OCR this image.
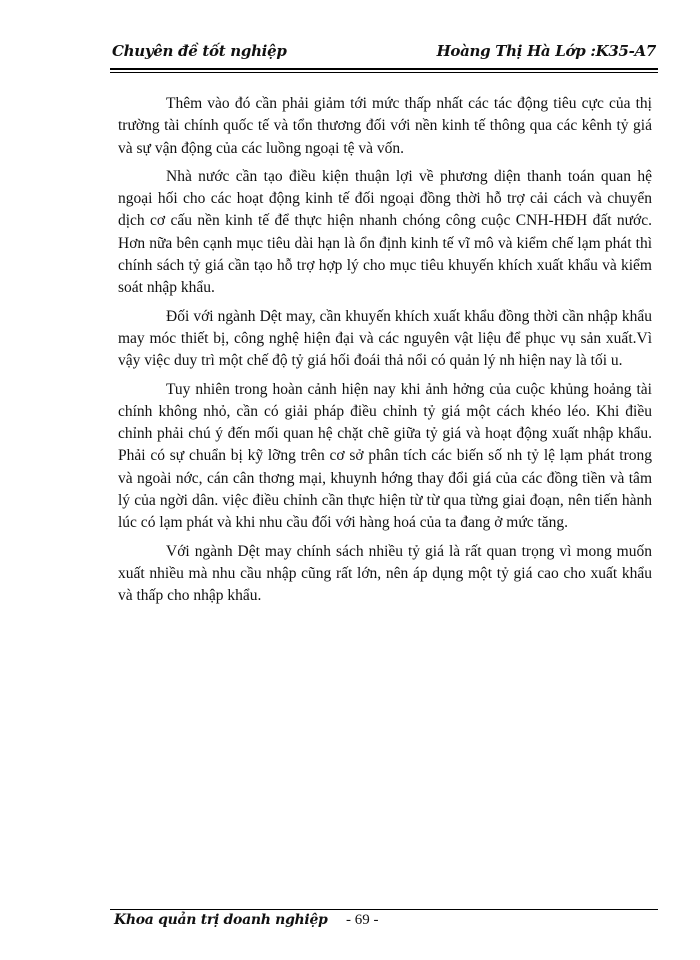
Chuyên đề tốt nghiệp	Hoàng Thị Hà Lớp :K35-A7

Thêm vào đó cần phải giảm tới mức thấp nhất các tác động tiêu cực của thị trường tài chính quốc tế và tổn thương đối với nền kinh tế thông qua các kênh tỷ giá và sự vận động của các luồng ngoại tệ và vốn.

Nhà nước cần tạo điều kiện thuận lợi về phương diện thanh toán quan hệ ngoại hối cho các hoạt động kinh tế đối ngoại đồng thời hỗ trợ cải cách và chuyển dịch cơ cấu nền kinh tế để thực hiện nhanh chóng công cuộc CNH-HĐH đất nước. Hơn nữa bên cạnh mục tiêu dài hạn là ổn định kinh tế vĩ mô và kiểm chế lạm phát thì chính sách tỷ giá cần tạo hỗ trợ hợp lý cho mục tiêu khuyến khích xuất khẩu và kiểm soát nhập khẩu.

Đối với ngành Dệt may, cần khuyến khích xuất khẩu đồng thời cần nhập khẩu may móc thiết bị, công nghệ hiện đại và các nguyên vật liệu để phục vụ sản xuất.Vì vậy việc duy trì một chế độ tỷ giá hối đoái thả nổi có quản lý nh hiện nay là tối u.

Tuy nhiên trong hoàn cảnh hiện nay khi ảnh hởng của cuộc khủng hoảng tài chính không nhỏ, cần có giải pháp điều chỉnh tỷ giá một cách khéo léo. Khi điều chỉnh phải chú ý đến mối quan hệ chặt chẽ giữa tỷ giá và hoạt động xuất nhập khẩu. Phải có sự chuẩn bị kỹ lỡng trên cơ sở phân tích các biến số nh tỷ lệ lạm phát trong và ngoài nớc, cán cân thơng mại, khuynh hớng thay đổi giá của các đồng tiền và tâm lý của ngời dân. việc điều chỉnh cần thực hiện từ từ qua từng giai đoạn, nên tiến hành lúc có lạm phát và khi nhu cầu đối với hàng hoá của ta đang ở mức tăng.

Với ngành Dệt may chính sách nhiều tỷ giá là rất quan trọng vì mong muốn xuất nhiều mà nhu cầu nhập cũng rất lớn, nên áp dụng một tỷ giá cao cho xuất khẩu và thấp cho nhập khẩu.

Khoa quản trị doanh nghiệp - 69 -
